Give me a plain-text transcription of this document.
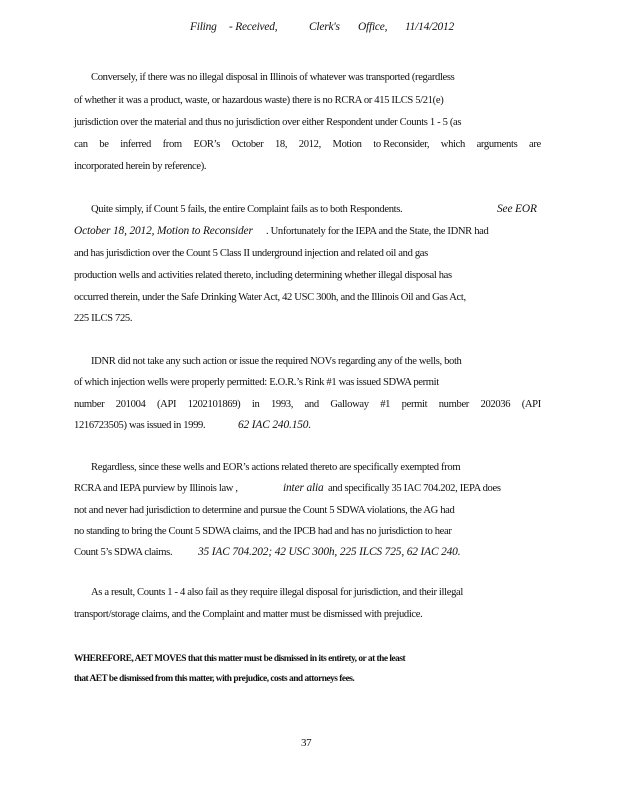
Filing - Received,	Clerk's Office, 11/14/2012
Conversely, if there was no illegal disposal in Illinois of whatever was transported (regardless
of whether it was a product, waste, or hazardous waste) there is no RCRA or 415 ILCS 5/21(e)
jurisdiction over the material and thus no jurisdiction over either Respondent under Counts 1 - 5 (as
can be inferred from EOR’s October 18, 2012, Motion to Reconsider, which arguments are
incorporated herein by reference).
Quite simply, if Count 5 fails, the entire Complaint fails as to both Respondents.	See EOR
October 18, 2012, Motion to Reconsider . Unfortunately for the IEPA and the State, the IDNR had
and has jurisdiction over the Count 5 Class II underground injection and related oil and gas
production wells and activities related thereto, including determining whether illegal disposal has
occurred therein, under the Safe Drinking Water Act, 42 USC 300h, and the Illinois Oil and Gas Act,
225 ILCS 725.
IDNR did not take any such action or issue the required NOVs regarding any of the wells, both
of which injection wells were properly permitted: E.O.R.’s Rink #1 was issued SDWA permit
number 201004 (API 1202101869) in 1993, and Galloway #1 permit number 202036 (API
1216723505) was issued in 1999.	62 IAC 240.150.
Regardless, since these wells and EOR’s actions related thereto are specifically exempted from
RCRA and IEPA purview by Illinois law ,	inter alia and specifically 35 IAC 704.202, IEPA does
not and never had jurisdiction to determine and pursue the Count 5 SDWA violations, the AG had
no standing to bring the Count 5 SDWA claims, and the IPCB had and has no jurisdiction to hear
Count 5’s SDWA claims. 35 IAC 704.202; 42 USC 300h, 225 ILCS 725, 62 IAC 240.
As a result, Counts 1 - 4 also fail as they require illegal disposal for jurisdiction, and their illegal
transport/storage claims, and the Complaint and matter must be dismissed with prejudice.
WHEREFORE, AET MOVES that this matter must be dismissed in its entirety, or at the least
that AET be dismissed from this matter, with prejudice, costs and attorneys fees.
37
